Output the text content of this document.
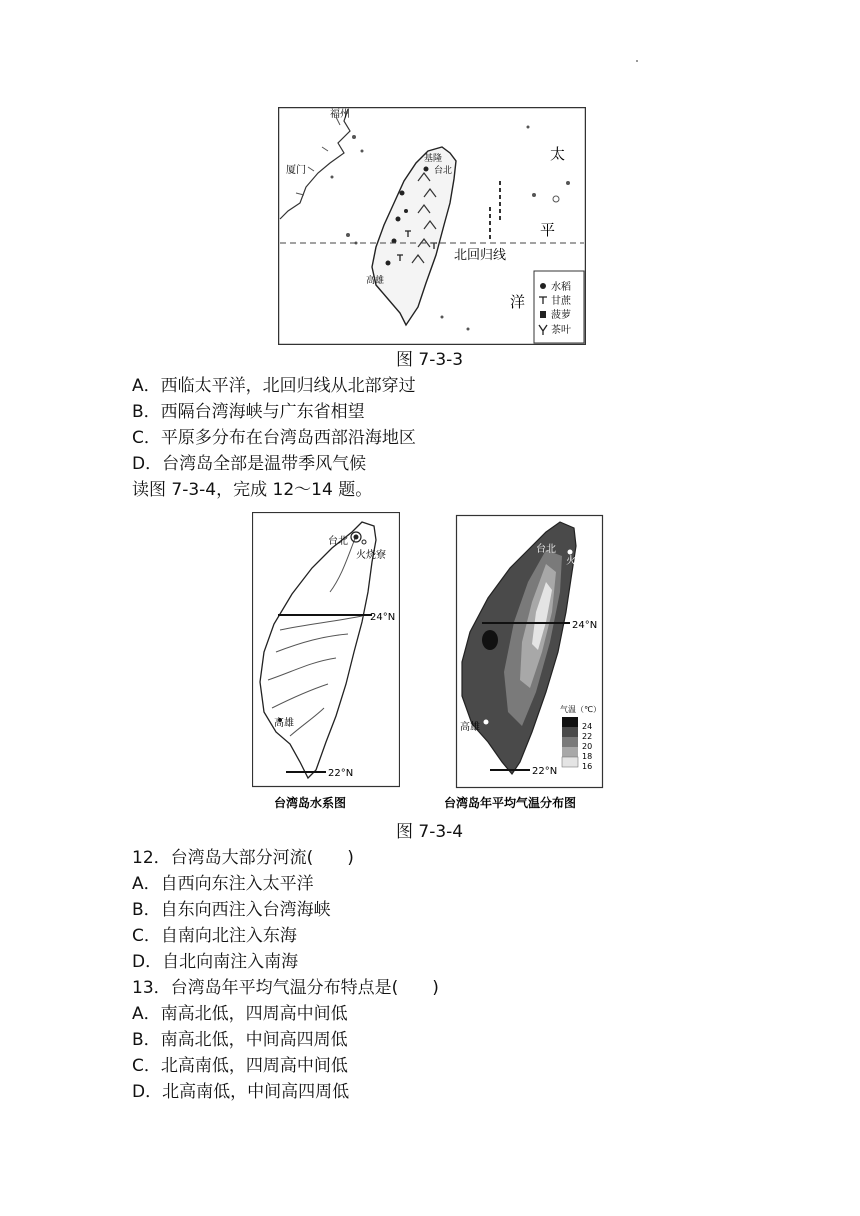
福州
厦门
基隆
台北
高雄
北回归线
太
平
洋
水稻
甘蔗
菠萝
茶叶
图 7-3-3
A．西临太平洋，北回归线从北部穿过
B．西隔台湾海峡与广东省相望
C．平原多分布在台湾岛西部沿海地区
D．台湾岛全部是温带季风气候
读图 7-3-4，完成 12～14 题。
台北
火烧寮
24°N
高雄
22°N
台湾岛水系图
台北
火烧寮
24°N
高雄
22°N
气温（℃）
24
22
20
18
16
台湾岛年平均气温分布图
图 7-3-4
12．台湾岛大部分河流(　　)
A．自西向东注入太平洋
B．自东向西注入台湾海峡
C．自南向北注入东海
D．自北向南注入南海
13．台湾岛年平均气温分布特点是(　　)
A．南高北低，四周高中间低
B．南高北低，中间高四周低
C．北高南低，四周高中间低
D．北高南低，中间高四周低
